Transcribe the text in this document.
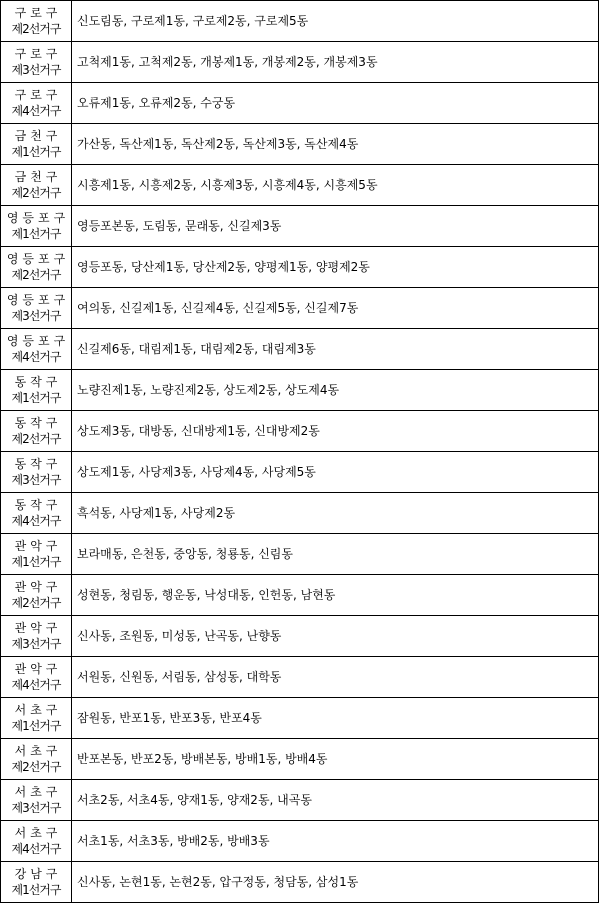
구로구
제2선거구	신도림동, 구로제1동, 구로제2동, 구로제5동

구로구
제3선거구	고척제1동, 고척제2동, 개봉제1동, 개봉제2동, 개봉제3동

구로구
제4선거구	오류제1동, 오류제2동, 수궁동

금천구
제1선거구	가산동, 독산제1동, 독산제2동, 독산제3동, 독산제4동

금천구
제2선거구	시흥제1동, 시흥제2동, 시흥제3동, 시흥제4동, 시흥제5동

영등포구
제1선거구	영등포본동, 도림동, 문래동, 신길제3동

영등포구
제2선거구	영등포동, 당산제1동, 당산제2동, 양평제1동, 양평제2동

영등포구
제3선거구	여의동, 신길제1동, 신길제4동, 신길제5동, 신길제7동

영등포구
제4선거구	신길제6동, 대림제1동, 대림제2동, 대림제3동

동작구
제1선거구	노량진제1동, 노량진제2동, 상도제2동, 상도제4동

동작구
제2선거구	상도제3동, 대방동, 신대방제1동, 신대방제2동

동작구
제3선거구	상도제1동, 사당제3동, 사당제4동, 사당제5동

동작구
제4선거구	흑석동, 사당제1동, 사당제2동

관악구
제1선거구	보라매동, 은천동, 중앙동, 청룡동, 신림동

관악구
제2선거구	성현동, 청림동, 행운동, 낙성대동, 인헌동, 남현동

관악구
제3선거구	신사동, 조원동, 미성동, 난곡동, 난향동

관악구
제4선거구	서원동, 신원동, 서림동, 삼성동, 대학동

서초구
제1선거구	잠원동, 반포1동, 반포3동, 반포4동

서초구
제2선거구	반포본동, 반포2동, 방배본동, 방배1동, 방배4동

서초구
제3선거구	서초2동, 서초4동, 양재1동, 양재2동, 내곡동

서초구
제4선거구	서초1동, 서초3동, 방배2동, 방배3동

강남구
제1선거구	신사동, 논현1동, 논현2동, 압구정동, 청담동, 삼성1동
